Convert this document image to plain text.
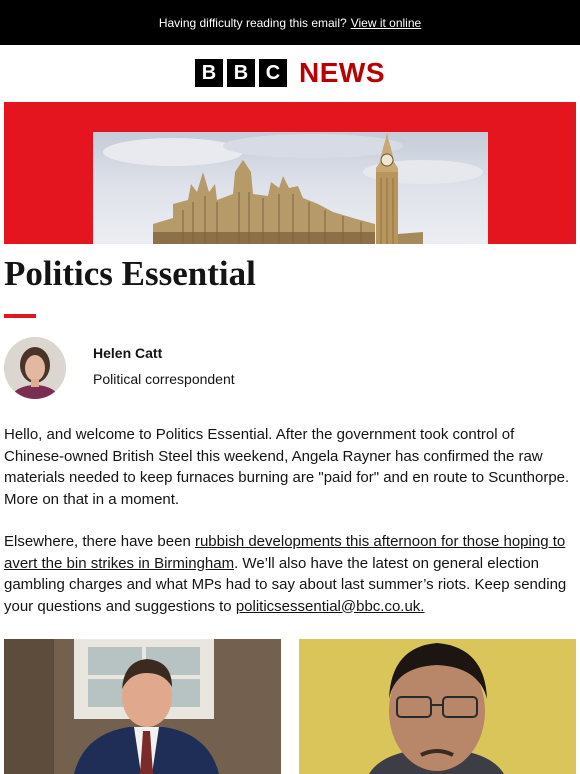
Having difficulty reading this email? View it online
B B C NEWS
Politics Essential
Helen Catt
Political correspondent

Hello, and welcome to Politics Essential. After the government took control of Chinese-owned British Steel this weekend, Angela Rayner has confirmed the raw materials needed to keep furnaces burning are "paid for" and en route to Scunthorpe. More on that in a moment.

Elsewhere, there have been rubbish developments this afternoon for those hoping to avert the bin strikes in Birmingham. We’ll also have the latest on general election gambling charges and what MPs had to say about last summer’s riots. Keep sending your questions and suggestions to politicsessential@bbc.co.uk.
